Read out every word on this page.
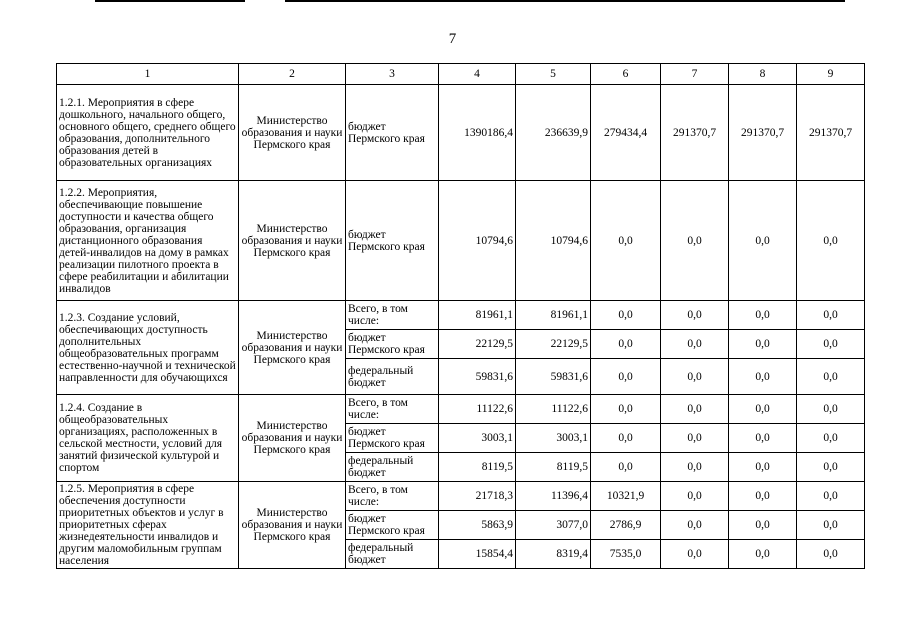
7
1	2	3	4	5	6	7	8	9
1.2.1. Мероприятия в сфере дошкольного, начального общего, основного общего, среднего общего образования, дополнительного образования детей в образовательных организациях	Министерство образования и науки Пермского края	бюджет Пермского края	1390186,4	236639,9	279434,4	291370,7	291370,7	291370,7
1.2.2. Мероприятия, обеспечивающие повышение доступности и качества общего образования, организация дистанционного образования детей-инвалидов на дому в рамках реализации пилотного проекта в сфере реабилитации и абилитации инвалидов	Министерство образования и науки Пермского края	бюджет Пермского края	10794,6	10794,6	0,0	0,0	0,0	0,0
1.2.3. Создание условий, обеспечивающих доступность дополнительных общеобразовательных программ естественно-научной и технической направленности для обучающихся	Министерство образования и науки Пермского края	Всего, в том числе:	81961,1	81961,1	0,0	0,0	0,0	0,0
		бюджет Пермского края	22129,5	22129,5	0,0	0,0	0,0	0,0
		федеральный бюджет	59831,6	59831,6	0,0	0,0	0,0	0,0
1.2.4. Создание в общеобразовательных организациях, расположенных в сельской местности, условий для занятий физической культурой и спортом	Министерство образования и науки Пермского края	Всего, в том числе:	11122,6	11122,6	0,0	0,0	0,0	0,0
		бюджет Пермского края	3003,1	3003,1	0,0	0,0	0,0	0,0
		федеральный бюджет	8119,5	8119,5	0,0	0,0	0,0	0,0
1.2.5. Мероприятия в сфере обеспечения доступности приоритетных объектов и услуг в приоритетных сферах жизнедеятельности инвалидов и другим маломобильным группам населения	Министерство образования и науки Пермского края	Всего, в том числе:	21718,3	11396,4	10321,9	0,0	0,0	0,0
		бюджет Пермского края	5863,9	3077,0	2786,9	0,0	0,0	0,0
		федеральный бюджет	15854,4	8319,4	7535,0	0,0	0,0	0,0
